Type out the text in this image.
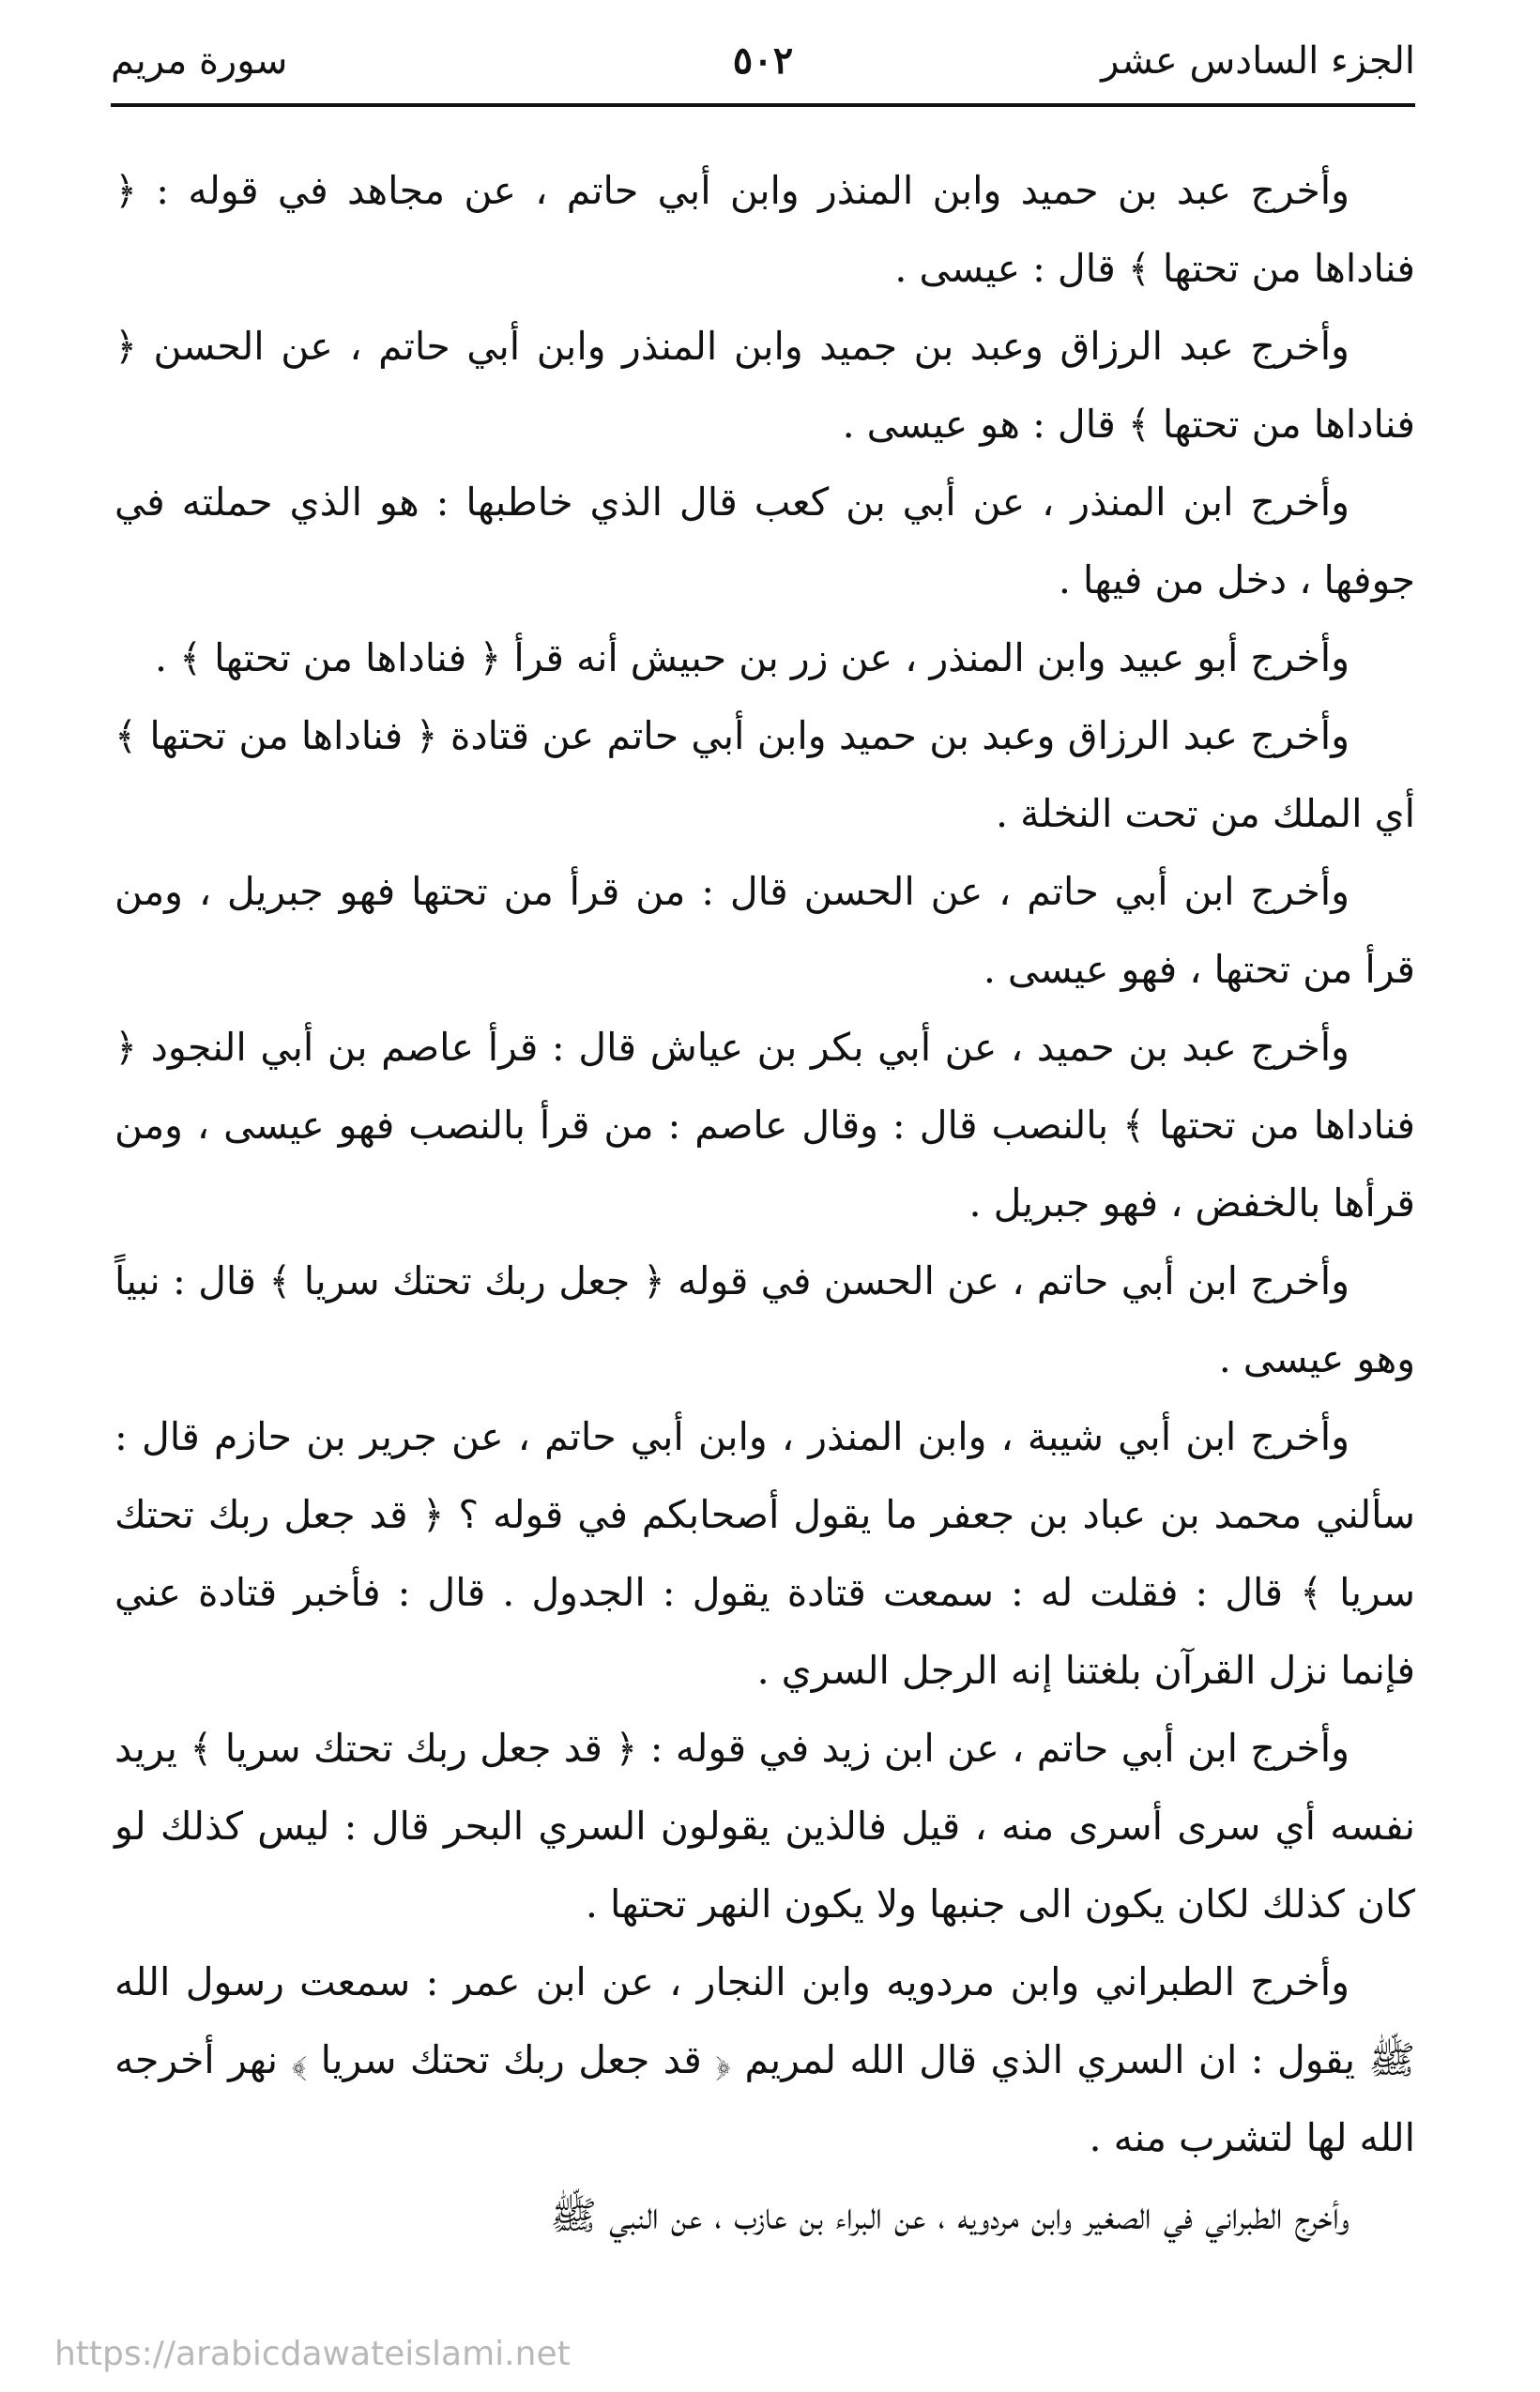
الجزء السادس عشر
سورة مريم	٥٠٢

وأخرج عبد بن حميد وابن المنذر وابن أبي حاتم ، عن مجاهد في قوله : ﴿ فناداها من تحتها ﴾ قال : عيسى .

وأخرج عبد الرزاق وعبد بن جميد وابن المنذر وابن أبي حاتم ، عن الحسن ﴿ فناداها من تحتها ﴾ قال : هو عيسى .

وأخرج ابن المنذر ، عن أبي بن كعب قال الذي خاطبها : هو الذي حملته في جوفها ، دخل من فيها .

وأخرج أبو عبيد وابن المنذر ، عن زر بن حبيش أنه قرأ ﴿ فناداها من تحتها ﴾ .

وأخرج عبد الرزاق وعبد بن حميد وابن أبي حاتم عن قتادة ﴿ فناداها من تحتها ﴾ أي الملك من تحت النخلة .

وأخرج ابن أبي حاتم ، عن الحسن قال : من قرأ من تحتها فهو جبريل ، ومن قرأ من تحتها ، فهو عيسى .

وأخرج عبد بن حميد ، عن أبي بكر بن عياش قال : قرأ عاصم بن أبي النجود ﴿ فناداها من تحتها ﴾ بالنصب قال : وقال عاصم : من قرأ بالنصب فهو عيسى ، ومن قرأها بالخفض ، فهو جبريل .

وأخرج ابن أبي حاتم ، عن الحسن في قوله ﴿ جعل ربك تحتك سريا ﴾ قال : نبياً وهو عيسى .

وأخرج ابن أبي شيبة ، وابن المنذر ، وابن أبي حاتم ، عن جرير بن حازم قال : سألني محمد بن عباد بن جعفر ما يقول أصحابكم في قوله ؟ ﴿ قد جعل ربك تحتك سريا ﴾ قال : فقلت له : سمعت قتادة يقول : الجدول . قال : فأخبر قتادة عني فإنما نزل القرآن بلغتنا إنه الرجل السري .

وأخرج ابن أبي حاتم ، عن ابن زيد في قوله : ﴿ قد جعل ربك تحتك سريا ﴾ يريد نفسه أي سرى أسرى منه ، قيل فالذين يقولون السري البحر قال : ليس كذلك لو كان كذلك لكان يكون الى جنبها ولا يكون النهر تحتها .

وأخرج الطبراني وابن مردويه وابن النجار ، عن ابن عمر : سمعت رسول الله ﷺ يقول : ان السري الذي قال الله لمريم ﴿ قد جعل ربك تحتك سريا ﴾ نهر أخرجه الله لها لتشرب منه .

وأخرج الطبراني في الصغير وابن مردويه ، عن البراء بن عازب ، عن النبي ﷺ

https://arabicdawateislami.net
